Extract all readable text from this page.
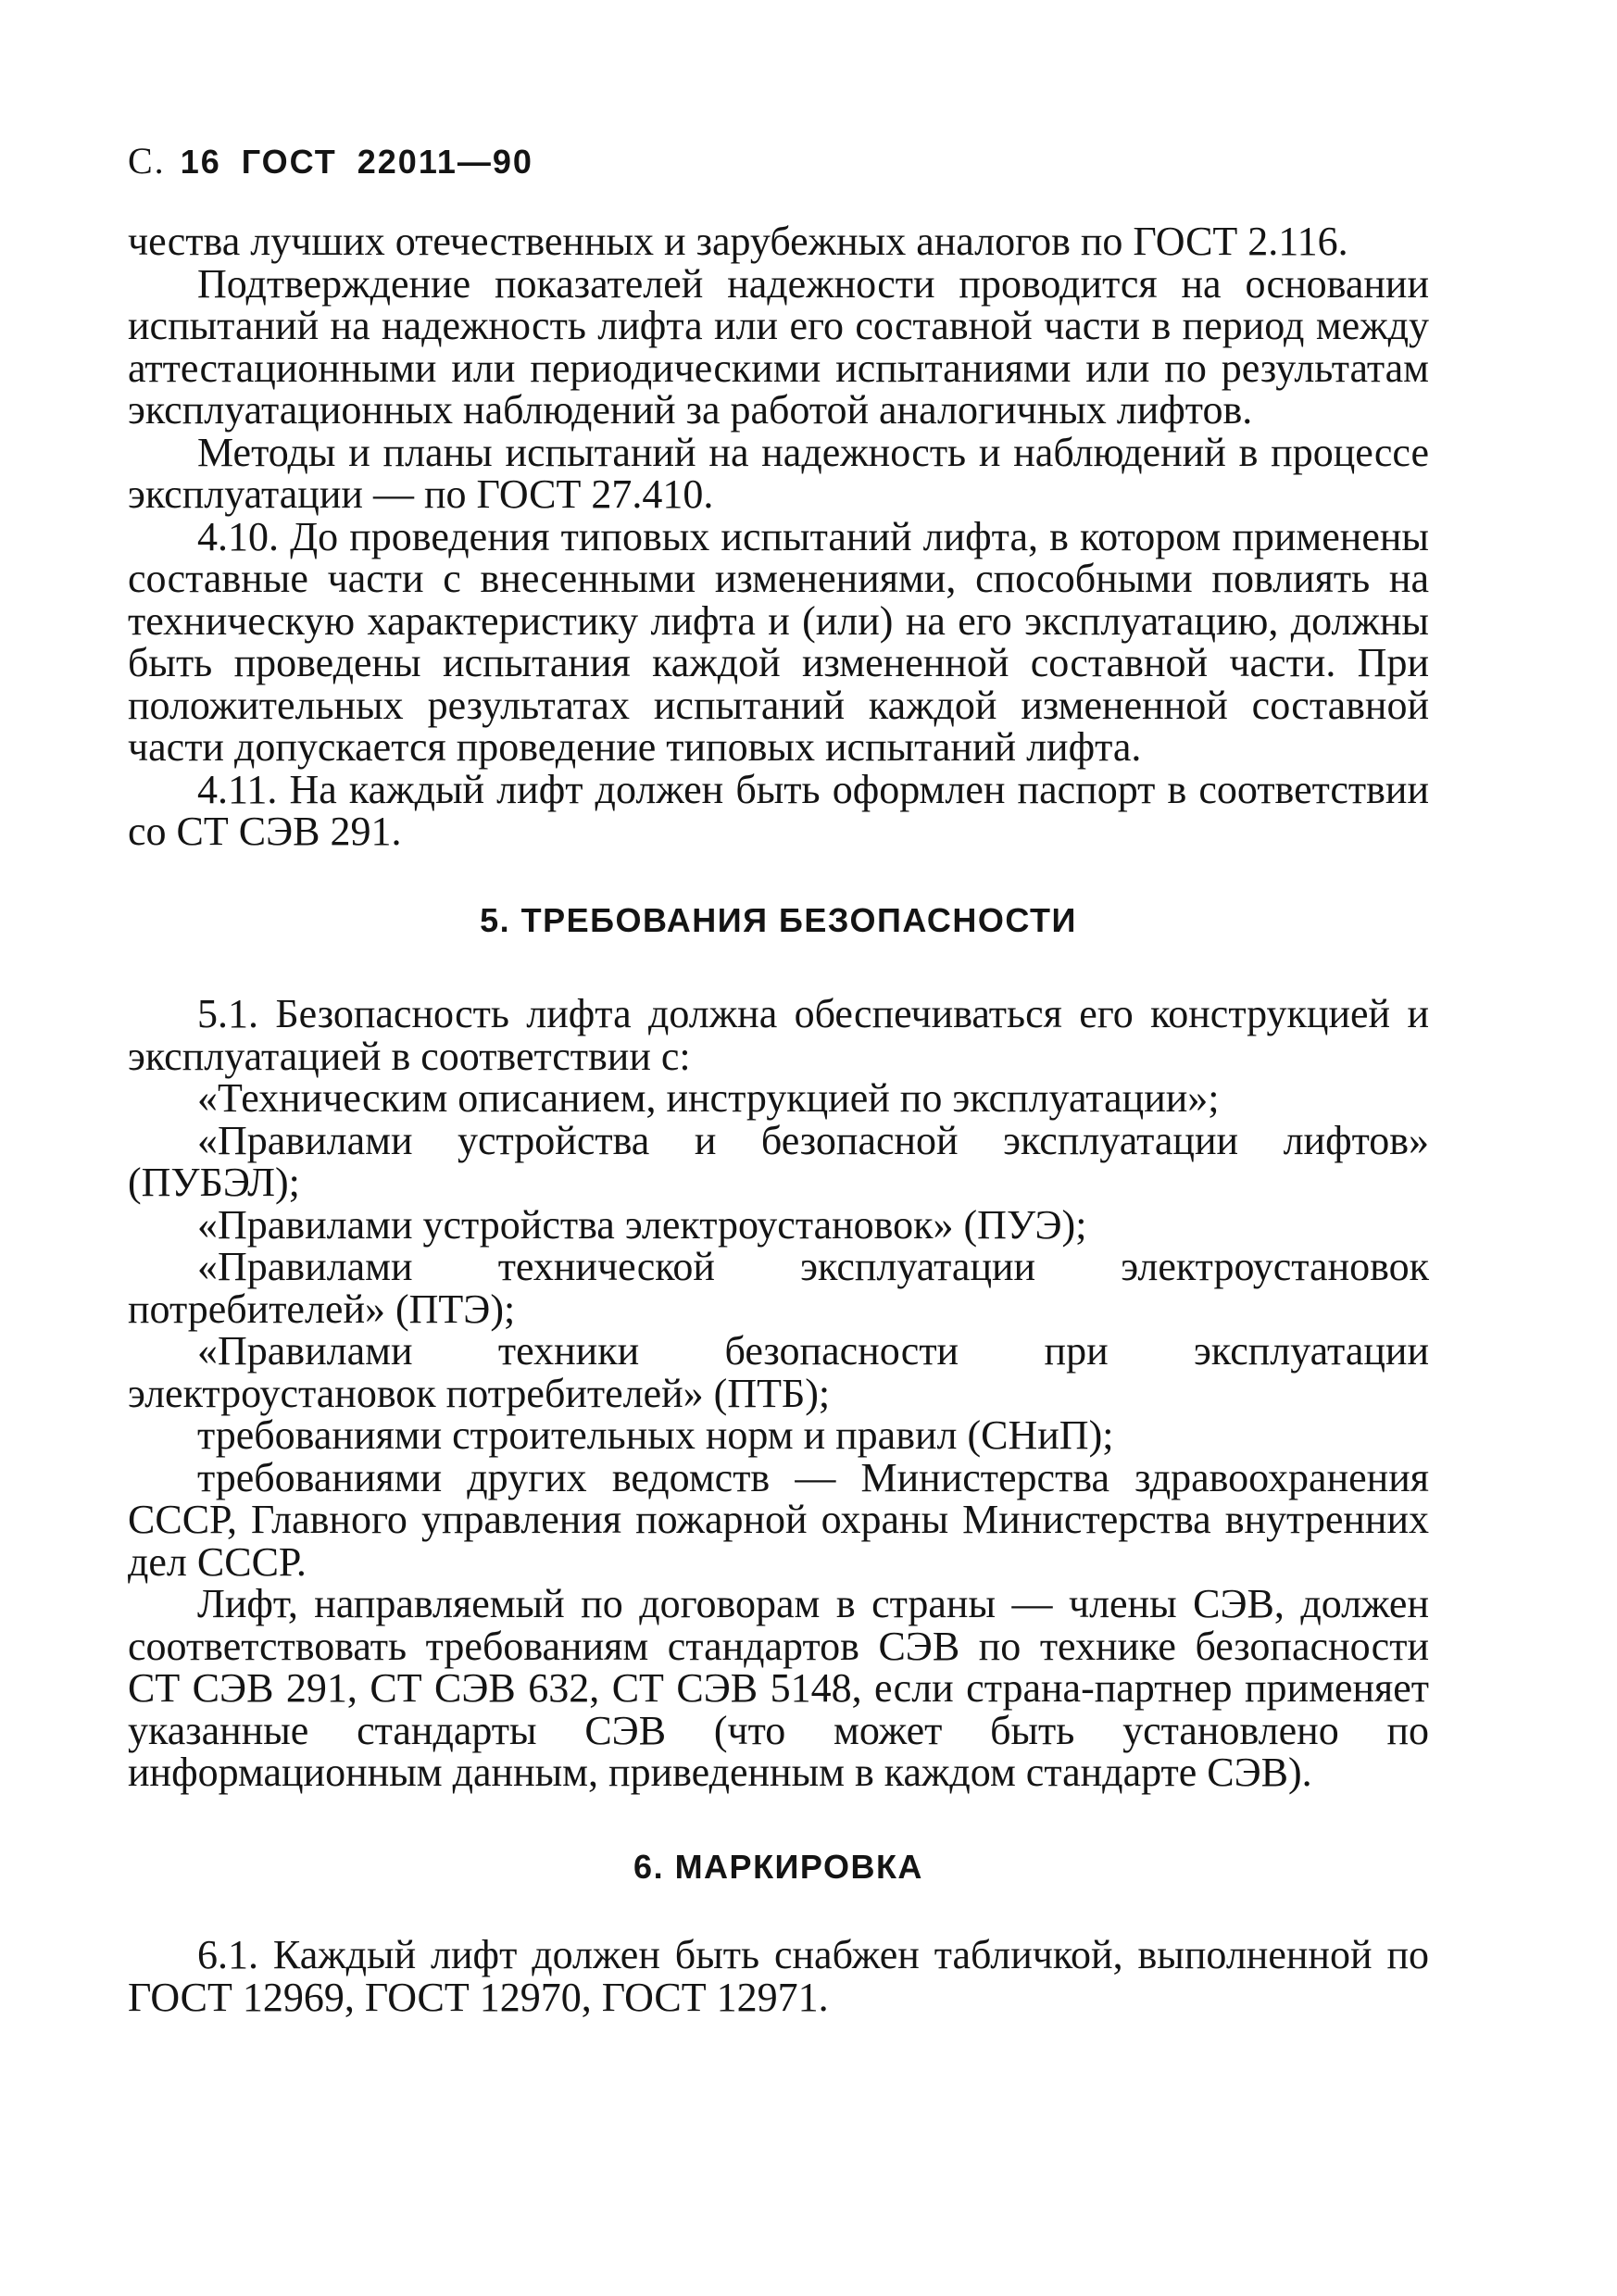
С. 16 ГОСТ 22011—90

чества лучших отечественных и зарубежных аналогов по ГОСТ 2.116.

Подтверждение показателей надежности проводится на основании испытаний на надежность лифта или его составной части в период между аттестационными или периодическими испытаниями или по результатам эксплуатационных наблюдений за работой аналогичных лифтов.

Методы и планы испытаний на надежность и наблюдений в процессе эксплуатации — по ГОСТ 27.410.

4.10. До проведения типовых испытаний лифта, в котором применены составные части с внесенными изменениями, способными повлиять на техническую характеристику лифта и (или) на его эксплуатацию, должны быть проведены испытания каждой измененной составной части. При положительных результатах испытаний каждой измененной составной части допускается проведение типовых испытаний лифта.

4.11. На каждый лифт должен быть оформлен паспорт в соответствии со СТ СЭВ 291.

5. ТРЕБОВАНИЯ БЕЗОПАСНОСТИ

5.1. Безопасность лифта должна обеспечиваться его конструкцией и эксплуатацией в соответствии с:

«Техническим описанием, инструкцией по эксплуатации»;

«Правилами устройства и безопасной эксплуатации лифтов» (ПУБЭЛ);

«Правилами устройства электроустановок» (ПУЭ);

«Правилами технической эксплуатации электроустановок потребителей» (ПТЭ);

«Правилами техники безопасности при эксплуатации электроустановок потребителей» (ПТБ);

требованиями строительных норм и правил (СНиП);

требованиями других ведомств — Министерства здравоохранения СССР, Главного управления пожарной охраны Министерства внутренних дел СССР.

Лифт, направляемый по договорам в страны — члены СЭВ, должен соответствовать требованиям стандартов СЭВ по технике безопасности СТ СЭВ 291, СТ СЭВ 632, СТ СЭВ 5148, если страна-партнер применяет указанные стандарты СЭВ (что может быть установлено по информационным данным, приведенным в каждом стандарте СЭВ).

6. МАРКИРОВКА

6.1. Каждый лифт должен быть снабжен табличкой, выполненной по ГОСТ 12969, ГОСТ 12970, ГОСТ 12971.
